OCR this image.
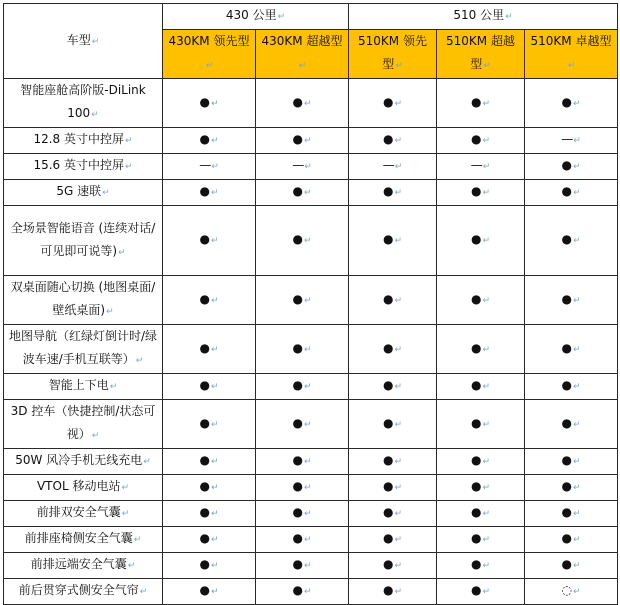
车型↵	430 公里↵		510 公里↵		
	430KM 领先型↵	430KM 超越型↵	510KM 领先型↵	510KM 超越型↵	510KM 卓越型↵
智能座舱高阶版-DiLink 100↵	●↵	●↵	●↵	●↵	●↵
12.8 英寸中控屏↵	●↵	●↵	●↵	●↵	—↵
15.6 英寸中控屏↵	—↵	—↵	—↵	—↵	●↵
5G 速联↵	●↵	●↵	●↵	●↵	●↵
全场景智能语音 (连续对话/可见即可说等)↵	●↵	●↵	●↵	●↵	●↵
双桌面随心切换 (地图桌面/壁纸桌面)↵	●↵	●↵	●↵	●↵	●↵
地图导航（红绿灯倒计时/绿波车速/手机互联等）↵	●↵	●↵	●↵	●↵	●↵
智能上下电↵	●↵	●↵	●↵	●↵	●↵
3D 控车（快捷控制/状态可视）↵	●↵	●↵	●↵	●↵	●↵
50W 风冷手机无线充电↵	●↵	●↵	●↵	●↵	●↵
VTOL 移动电站↵	●↵	●↵	●↵	●↵	●↵
前排双安全气囊↵	●↵	●↵	●↵	●↵	●↵
前排座椅侧安全气囊↵	●↵	●↵	●↵	●↵	●↵
前排远端安全气囊↵	●↵	●↵	●↵	●↵	●↵
前后贯穿式侧安全气帘↵	●↵	●↵	●↵	●↵	◌↵
